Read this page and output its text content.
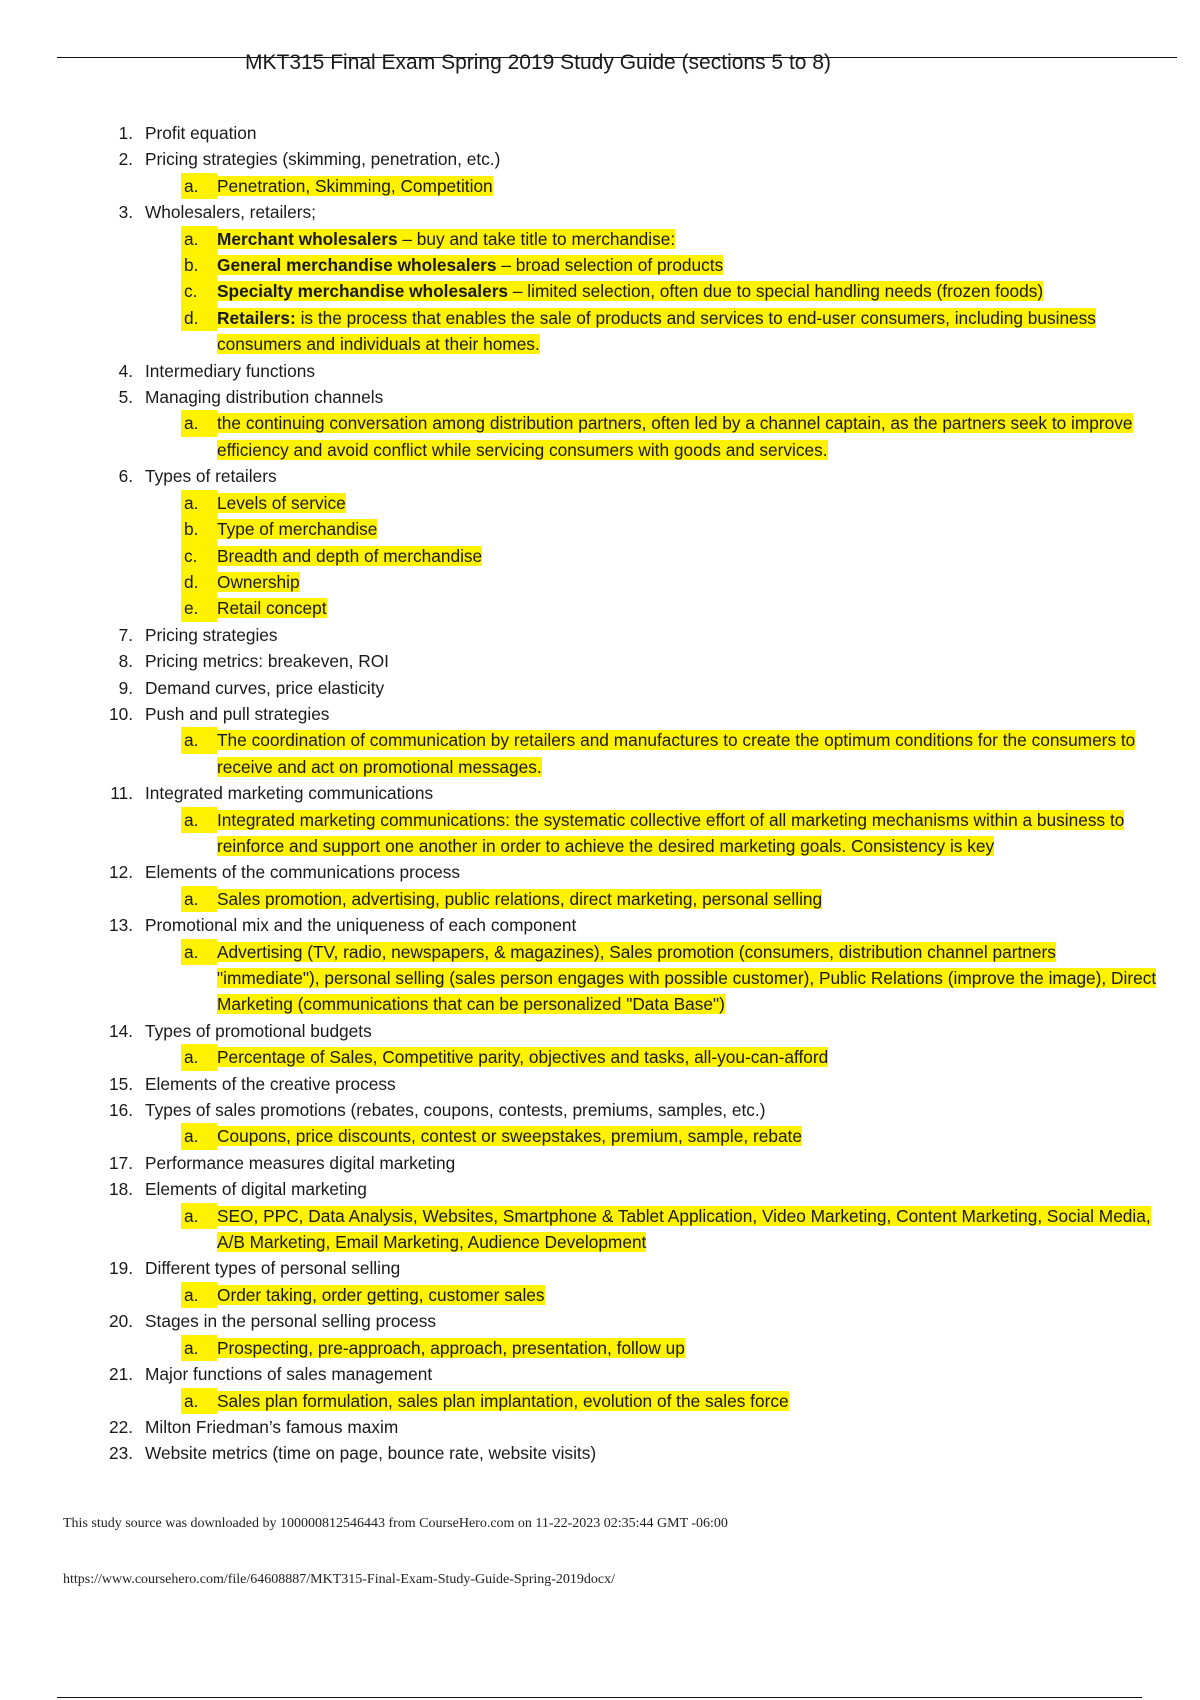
MKT315 Final Exam Spring 2019 Study Guide (sections 5 to 8)
1. Profit equation
2. Pricing strategies (skimming, penetration, etc.)
a.	Penetration, Skimming, Competition
3. Wholesalers, retailers;
a.	Merchant wholesalers – buy and take title to merchandise:
b.	General merchandise wholesalers – broad selection of products
c.	Specialty merchandise wholesalers – limited selection, often due to special handling needs (frozen foods)
d.	Retailers: is the process that enables the sale of products and services to end-user consumers, including business consumers and individuals at their homes.
4. Intermediary functions
5. Managing distribution channels
a.	the continuing conversation among distribution partners, often led by a channel captain, as the partners seek to improve efficiency and avoid conflict while servicing consumers with goods and services.
6. Types of retailers
a.	Levels of service
b.	Type of merchandise
c.	Breadth and depth of merchandise
d.	Ownership
e.	Retail concept
7. Pricing strategies
8. Pricing metrics: breakeven, ROI
9. Demand curves, price elasticity
10. Push and pull strategies
a.	The coordination of communication by retailers and manufactures to create the optimum conditions for the consumers to receive and act on promotional messages.
11. Integrated marketing communications
a.	Integrated marketing communications: the systematic collective effort of all marketing mechanisms within a business to reinforce and support one another in order to achieve the desired marketing goals. Consistency is key
12. Elements of the communications process
a.	Sales promotion, advertising, public relations, direct marketing, personal selling
13. Promotional mix and the uniqueness of each component
a.	Advertising (TV, radio, newspapers, & magazines), Sales promotion (consumers, distribution channel partners "immediate"), personal selling (sales person engages with possible customer), Public Relations (improve the image), Direct Marketing (communications that can be personalized "Data Base")
14. Types of promotional budgets
a.	Percentage of Sales, Competitive parity, objectives and tasks, all-you-can-afford
15. Elements of the creative process
16. Types of sales promotions (rebates, coupons, contests, premiums, samples, etc.)
a.	Coupons, price discounts, contest or sweepstakes, premium, sample, rebate
17. Performance measures digital marketing
18. Elements of digital marketing
a.	SEO, PPC, Data Analysis, Websites, Smartphone & Tablet Application, Video Marketing, Content Marketing, Social Media, A/B Marketing, Email Marketing, Audience Development
19. Different types of personal selling
a.	Order taking, order getting, customer sales
20. Stages in the personal selling process
a.	Prospecting, pre-approach, approach, presentation, follow up
21. Major functions of sales management
a.	Sales plan formulation, sales plan implantation, evolution of the sales force
22. Milton Friedman’s famous maxim
23. Website metrics (time on page, bounce rate, website visits)
This study source was downloaded by 100000812546443 from CourseHero.com on 11-22-2023 02:35:44 GMT -06:00
https://www.coursehero.com/file/64608887/MKT315-Final-Exam-Study-Guide-Spring-2019docx/
